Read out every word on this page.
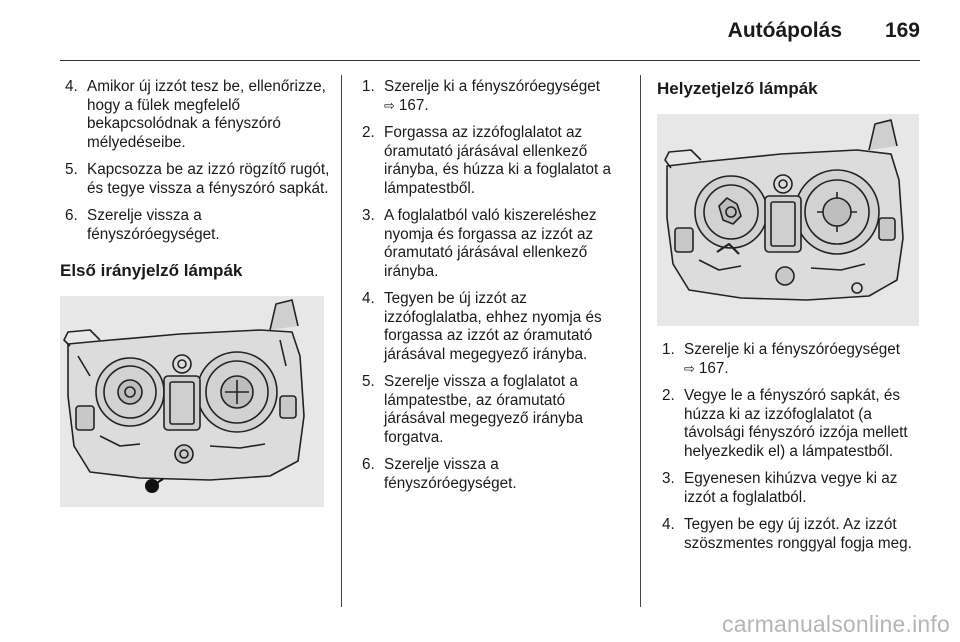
Autóápolás 169
4. Amikor új izzót tesz be, ellenőrizze, hogy a fülek megfelelő bekapcsolódnak a fényszóró mélyedéseibe.
5. Kapcsozza be az izzó rögzítő rugót, és tegye vissza a fényszóró sapkát.
6. Szerelje vissza a fényszóróegységet.
Első irányjelző lámpák
1. Szerelje ki a fényszóróegységet
⇨ 167.
2. Forgassa az izzófoglalatot az óramutató járásával ellenkező irányba, és húzza ki a foglalatot a lámpatestből.
3. A foglalatból való kiszereléshez nyomja és forgassa az izzót az óramutató járásával ellenkező irányba.
4. Tegyen be új izzót az izzófoglalatba, ehhez nyomja és forgassa az izzót az óramutató járásával megegyező irányba.
5. Szerelje vissza a foglalatot a lámpatestbe, az óramutató járásával megegyező irányba forgatva.
6. Szerelje vissza a fényszóróegységet.
Helyzetjelző lámpák
1. Szerelje ki a fényszóróegységet
⇨ 167.
2. Vegye le a fényszóró sapkát, és húzza ki az izzófoglalatot (a távolsági fényszóró izzója mellett helyezkedik el) a lámpatestből.
3. Egyenesen kihúzva vegye ki az izzót a foglalatból.
4. Tegyen be egy új izzót. Az izzót szöszmentes ronggyal fogja meg.
carmanualsonline.info
